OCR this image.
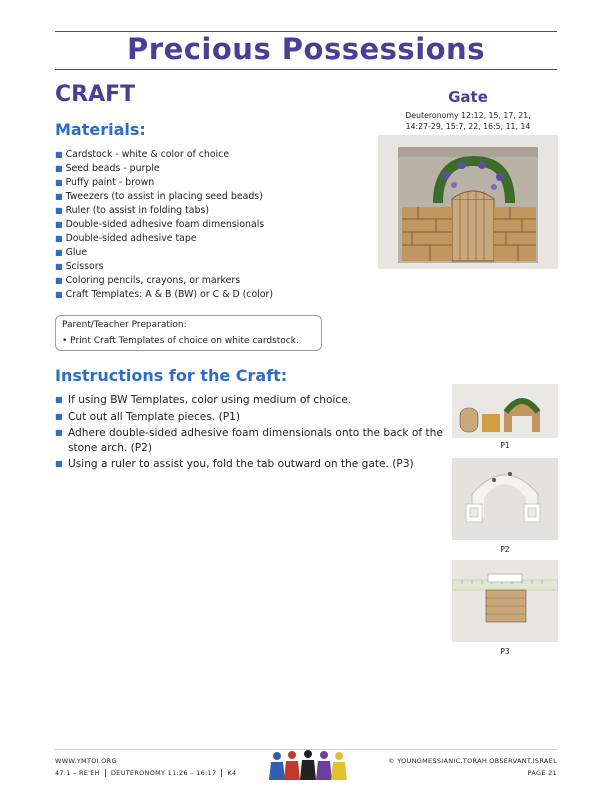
Precious Possessions
CRAFT
Materials:
■ Cardstock - white & color of choice
■ Seed beads - purple
■ Puffy paint - brown
■ Tweezers (to assist in placing seed beads)
■ Ruler (to assist in folding tabs)
■ Double-sided adhesive foam dimensionals
■ Double-sided adhesive tape
■ Glue
■ Scissors
■ Coloring pencils, crayons, or markers
■ Craft Templates: A & B (BW) or C & D (color)
Parent/Teacher Preparation:
• Print Craft Templates of choice on white cardstock.
Instructions for the Craft:
■ If using BW Templates, color using medium of choice.
■ Cut out all Template pieces. (P1)
■ Adhere double-sided adhesive foam dimensionals onto the back of the stone arch. (P2)
■ Using a ruler to assist you, fold the tab outward on the gate. (P3)
Gate
Deuteronomy 12:12, 15, 17, 21,
14:27-29, 15:7, 22, 16:5, 11, 14
P1
P2
P3
WWW.YMTOI.ORG
47.1 – RE'EH DEUTERONOMY 11:26 – 16:17 K4
© YOUNGMESSIANIC.TORAH.OBSERVANT.ISRAEL
PAGE 21
